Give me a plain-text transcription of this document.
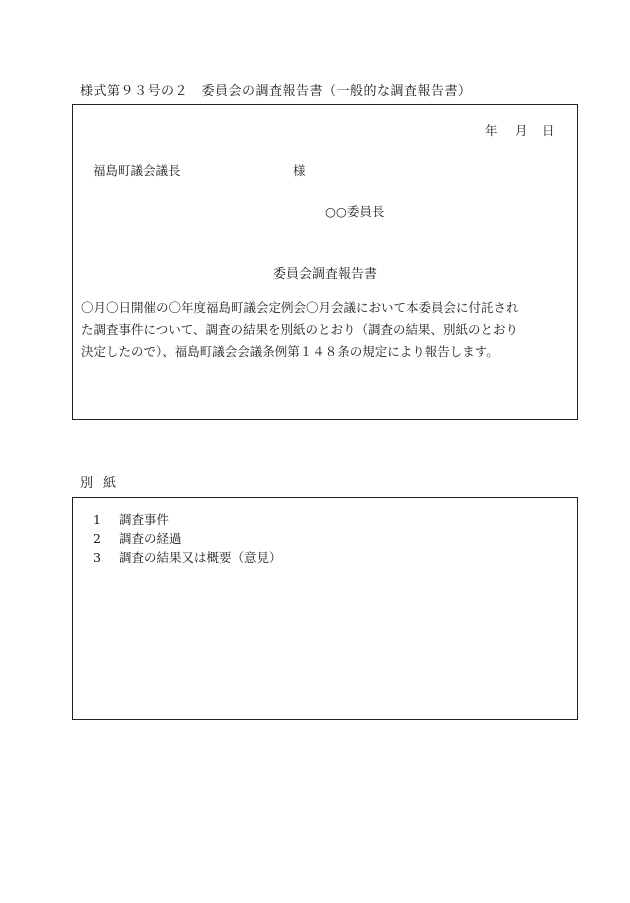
様式第９３号の２　委員会の調査報告書（一般的な調査報告書）
年 月 日
福島町議会議長	様
○○委員長
委員会調査報告書

〇月〇日開催の〇年度福島町議会定例会〇月会議において本委員会に付託され

た調査事件について、調査の結果を別紙のとおり（調査の結果、別紙のとおり

決定したので）、福島町議会会議条例第１４８条の規定により報告します。

別紙
1 調査事件
2 調査の経過
3 調査の結果又は概要（意見）
